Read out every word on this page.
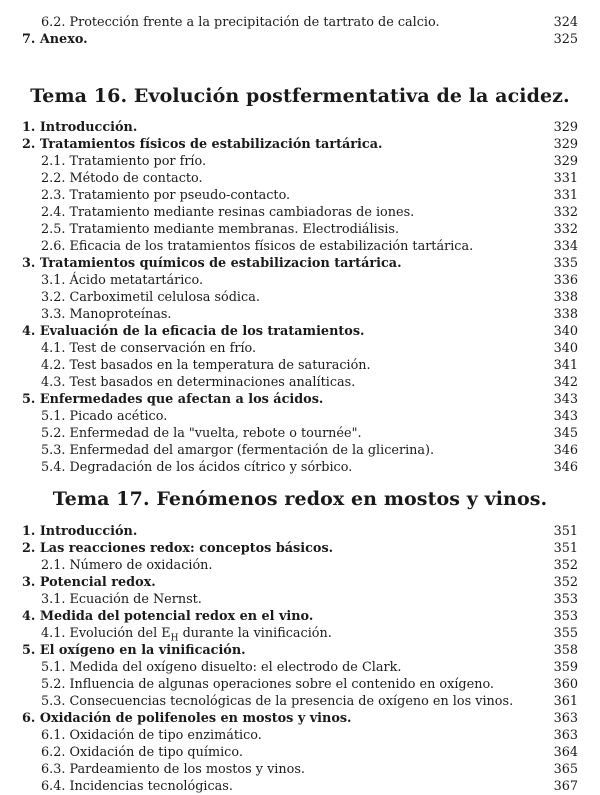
6.2. Protección frente a la precipitación de tartrato de calcio.	324
7. Anexo.	325
Tema 16. Evolución postfermentativa de la acidez.
1. Introducción.	329
2. Tratamientos físicos de estabilización tartárica.	329
2.1. Tratamiento por frío.	329
2.2. Método de contacto.	331
2.3. Tratamiento por pseudo-contacto.	331
2.4. Tratamiento mediante resinas cambiadoras de iones.	332
2.5. Tratamiento mediante membranas. Electrodiálisis.	332
2.6. Eficacia de los tratamientos físicos de estabilización tartárica.	334
3. Tratamientos químicos de estabilizacion tartárica.	335
3.1. Ácido metatartárico.	336
3.2. Carboximetil celulosa sódica.	338
3.3. Manoproteínas.	338
4. Evaluación de la eficacia de los tratamientos.	340
4.1. Test de conservación en frío.	340
4.2. Test basados en la temperatura de saturación.	341
4.3. Test basados en determinaciones analíticas.	342
5. Enfermedades que afectan a los ácidos.	343
5.1. Picado acético.	343
5.2. Enfermedad de la "vuelta, rebote o tournée".	345
5.3. Enfermedad del amargor (fermentación de la glicerina).	346
5.4. Degradación de los ácidos cítrico y sórbico.	346
Tema 17. Fenómenos redox en mostos y vinos.
1. Introducción.	351
2. Las reacciones redox: conceptos básicos.	351
2.1. Número de oxidación.	352
3. Potencial redox.	352
3.1. Ecuación de Nernst.	353
4. Medida del potencial redox en el vino.	353
4.1. Evolución del $E_H$ durante la vinificación.	355
5. El oxígeno en la vinificación.	358
5.1. Medida del oxígeno disuelto: el electrodo de Clark.	359
5.2. Influencia de algunas operaciones sobre el contenido en oxígeno.	360
5.3. Consecuencias tecnológicas de la presencia de oxígeno en los vinos.	361
6. Oxidación de polifenoles en mostos y vinos.	363
6.1. Oxidación de tipo enzimático.	363
6.2. Oxidación de tipo químico.	364
6.3. Pardeamiento de los mostos y vinos.	365
6.4. Incidencias tecnológicas.	367
